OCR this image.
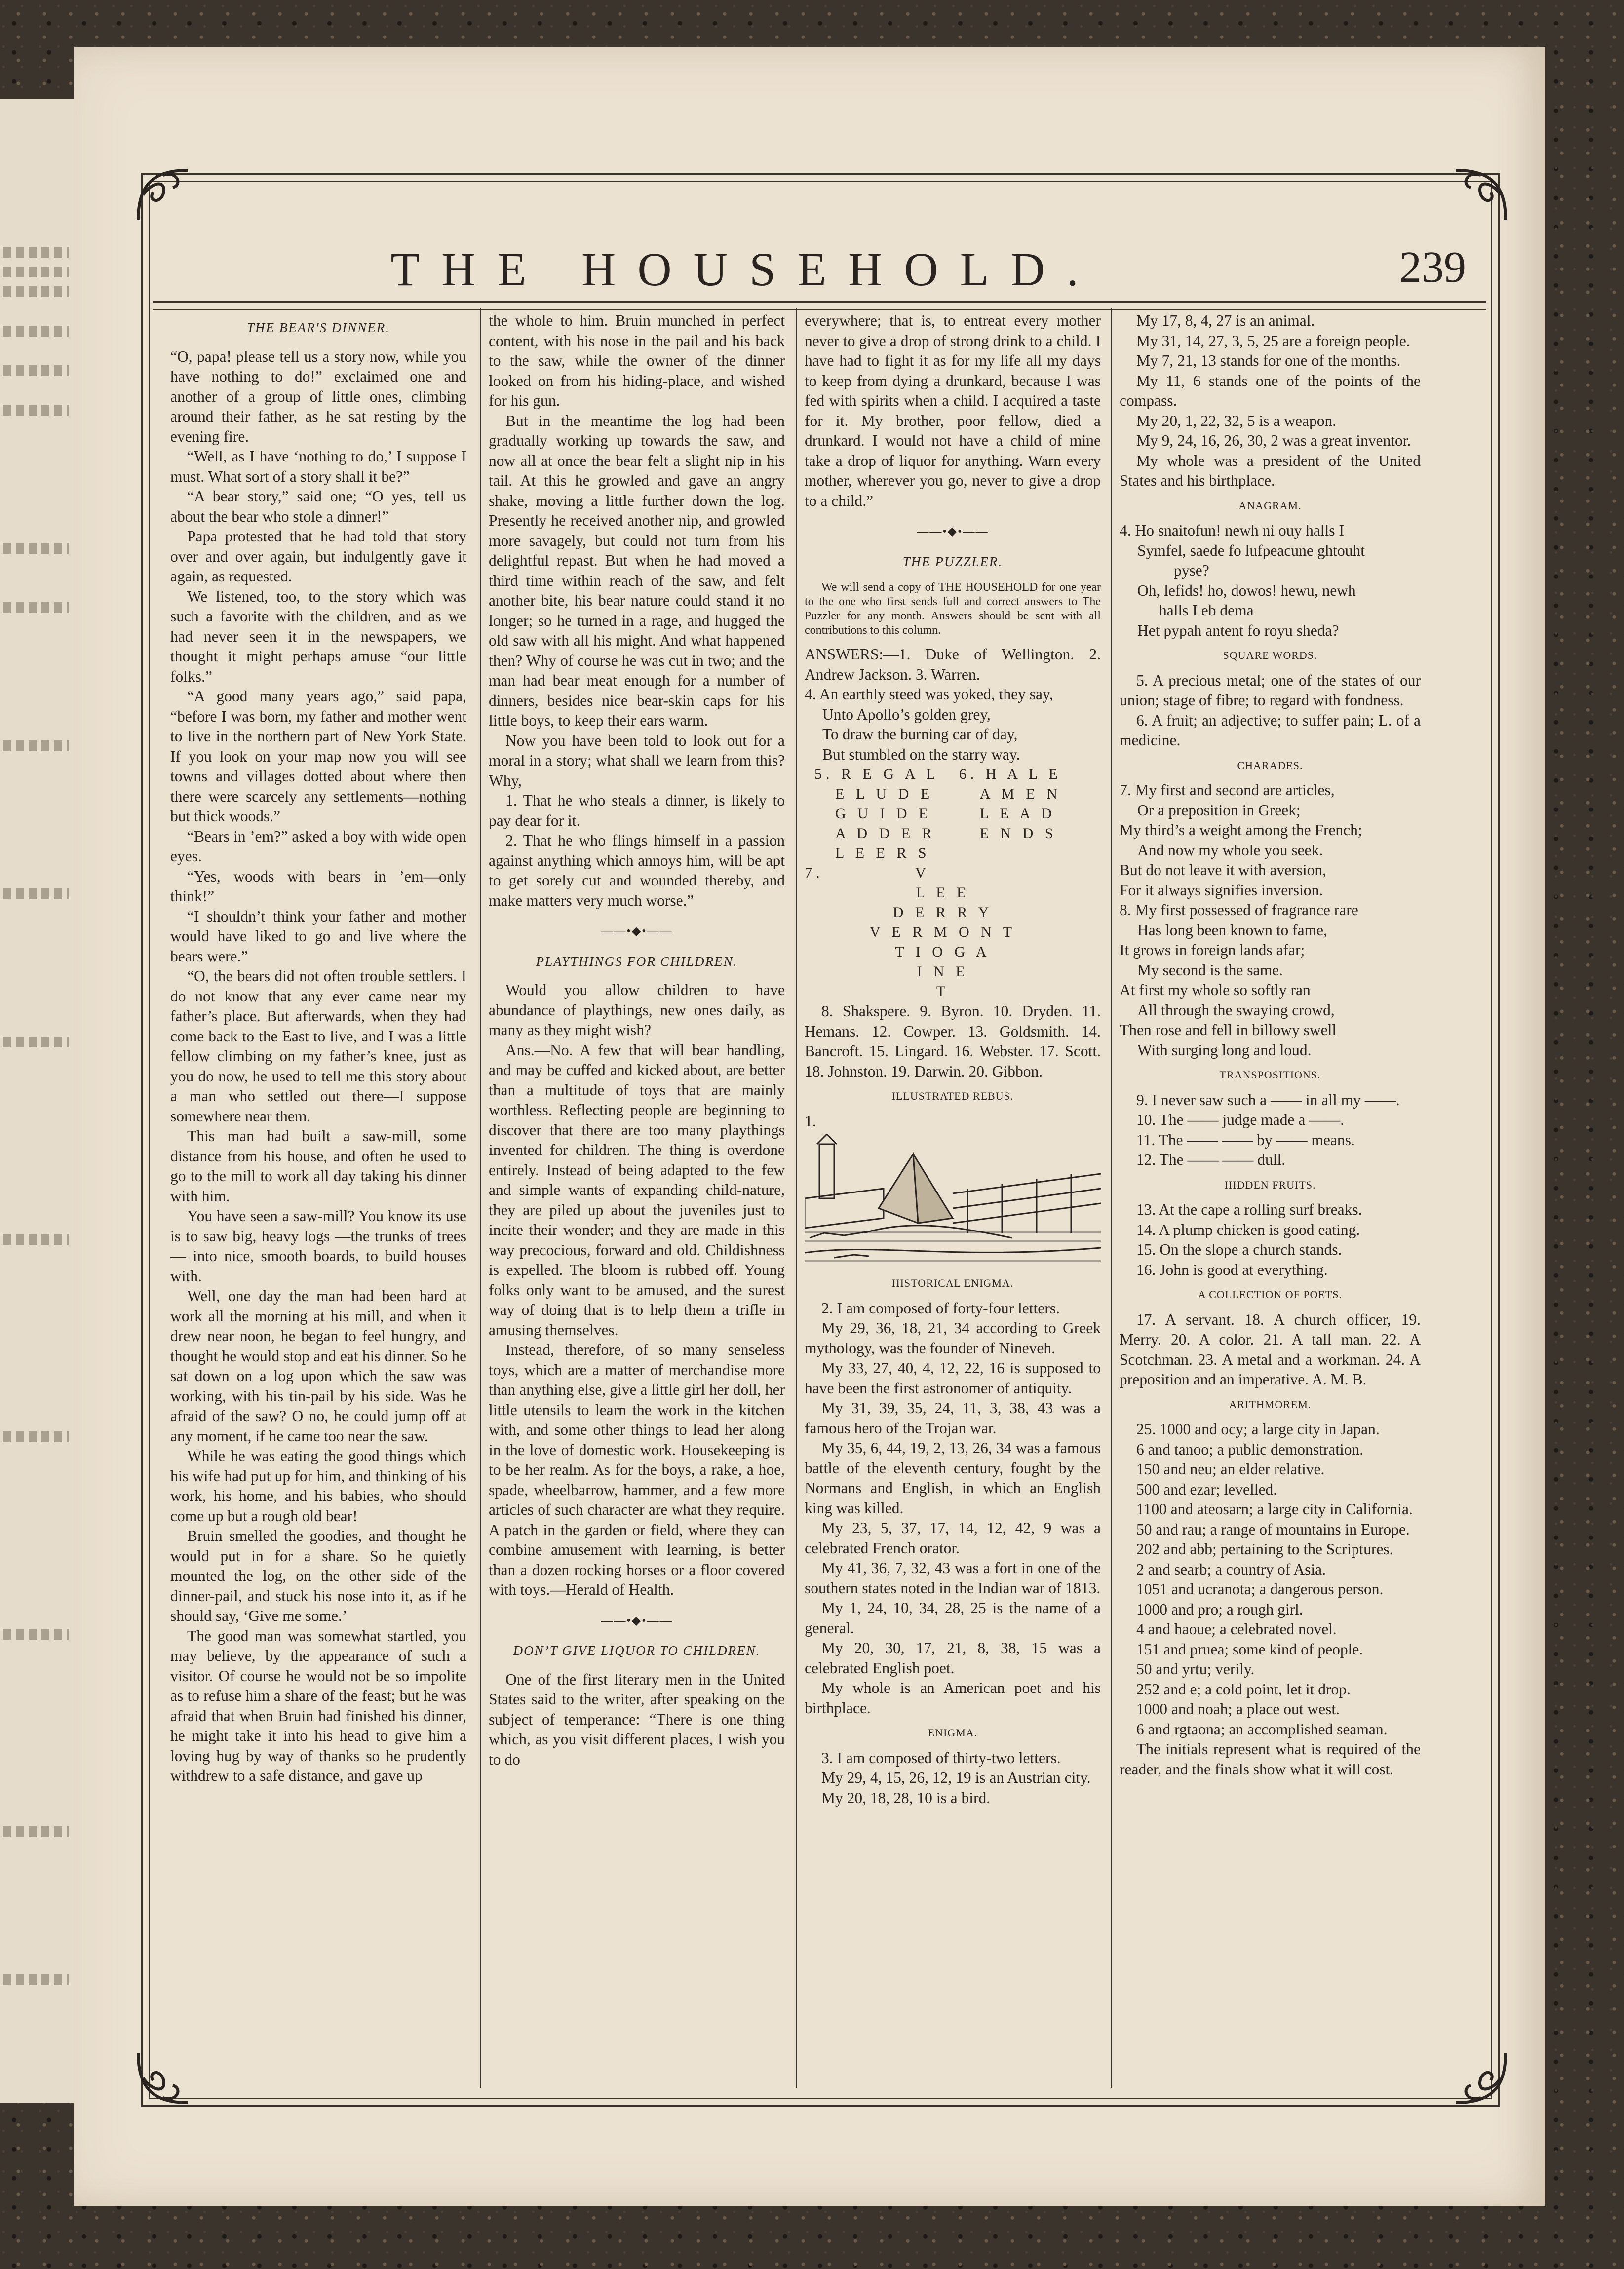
THE HOUSEHOLD.	239
THE BEAR'S DINNER.

“O, papa! please tell us a story now, while you have nothing to do!” exclaimed one and another of a group of little ones, climbing around their father, as he sat resting by the evening fire.

“Well, as I have ‘nothing to do,’ I suppose I must. What sort of a story shall it be?”

“A bear story,” said one; “O yes, tell us about the bear who stole a dinner!”

Papa protested that he had told that story over and over again, but indulgently gave it again, as requested.

We listened, too, to the story which was such a favorite with the children, and as we had never seen it in the newspapers, we thought it might perhaps amuse “our little folks.”

“A good many years ago,” said papa, “before I was born, my father and mother went to live in the northern part of New York State. If you look on your map now you will see towns and villages dotted about where then there were scarcely any settlements—nothing but thick woods.”

“Bears in ’em?” asked a boy with wide open eyes.

“Yes, woods with bears in ’em—only think!”

“I shouldn’t think your father and mother would have liked to go and live where the bears were.”

“O, the bears did not often trouble settlers. I do not know that any ever came near my father’s place. But afterwards, when they had come back to the East to live, and I was a little fellow climbing on my father’s knee, just as you do now, he used to tell me this story about a man who settled out there—I suppose somewhere near them.

This man had built a saw-mill, some distance from his house, and often he used to go to the mill to work all day taking his dinner with him.

You have seen a saw-mill? You know its use is to saw big, heavy logs —the trunks of trees — into nice, smooth boards, to build houses with.

Well, one day the man had been hard at work all the morning at his mill, and when it drew near noon, he began to feel hungry, and thought he would stop and eat his dinner. So he sat down on a log upon which the saw was working, with his tin-pail by his side. Was he afraid of the saw? O no, he could jump off at any moment, if he came too near the saw.

While he was eating the good things which his wife had put up for him, and thinking of his work, his home, and his babies, who should come up but a rough old bear!

Bruin smelled the goodies, and thought he would put in for a share. So he quietly mounted the log, on the other side of the dinner-pail, and stuck his nose into it, as if he should say, ‘Give me some.’

The good man was somewhat startled, you may believe, by the appearance of such a visitor. Of course he would not be so impolite as to refuse him a share of the feast; but he was afraid that when Bruin had finished his dinner, he might take it into his head to give him a loving hug by way of thanks so he prudently withdrew to a safe distance, and gave up

the whole to him. Bruin munched in perfect content, with his nose in the pail and his back to the saw, while the owner of the dinner looked on from his hiding-place, and wished for his gun.

But in the meantime the log had been gradually working up towards the saw, and now all at once the bear felt a slight nip in his tail. At this he growled and gave an angry shake, moving a little further down the log. Presently he received another nip, and growled more savagely, but could not turn from his delightful repast. But when he had moved a third time within reach of the saw, and felt another bite, his bear nature could stand it no longer; so he turned in a rage, and hugged the old saw with all his might. And what happened then? Why of course he was cut in two; and the man had bear meat enough for a number of dinners, besides nice bear-skin caps for his little boys, to keep their ears warm.

Now you have been told to look out for a moral in a story; what shall we learn from this? Why,

1. That he who steals a dinner, is likely to pay dear for it.

2. That he who flings himself in a passion against anything which annoys him, will be apt to get sorely cut and wounded thereby, and make matters very much worse.”

——•◆•——
PLAYTHINGS FOR CHILDREN.

Would you allow children to have abundance of playthings, new ones daily, as many as they might wish?

Ans.—No. A few that will bear handling, and may be cuffed and kicked about, are better than a multitude of toys that are mainly worthless. Reflecting people are beginning to discover that there are too many playthings invented for children. The thing is overdone entirely. Instead of being adapted to the few and simple wants of expanding child-nature, they are piled up about the juveniles just to incite their wonder; and they are made in this way precocious, forward and old. Childishness is expelled. The bloom is rubbed off. Young folks only want to be amused, and the surest way of doing that is to help them a trifle in amusing themselves.

Instead, therefore, of so many senseless toys, which are a matter of merchandise more than anything else, give a little girl her doll, her little utensils to learn the work in the kitchen with, and some other things to lead her along in the love of domestic work. Housekeeping is to be her realm. As for the boys, a rake, a hoe, spade, wheelbarrow, hammer, and a few more articles of such character are what they require. A patch in the garden or field, where they can combine amusement with learning, is better than a dozen rocking horses or a floor covered with toys.—Herald of Health.

——•◆•——
DON’T GIVE LIQUOR TO CHILDREN.

One of the first literary men in the United States said to the writer, after speaking on the subject of temperance: “There is one thing which, as you visit different places, I wish you to do

everywhere; that is, to entreat every mother never to give a drop of strong drink to a child. I have had to fight it as for my life all my days to keep from dying a drunkard, because I was fed with spirits when a child. I acquired a taste for it. My brother, poor fellow, died a drunkard. I would not have a child of mine take a drop of liquor for anything. Warn every mother, wherever you go, never to give a drop to a child.”

——•◆•——
THE PUZZLER.

We will send a copy of THE HOUSEHOLD for one year to the one who first sends full and correct answers to The Puzzler for any month. Answers should be sent with all contributions to this column.

ANSWERS:—1. Duke of Wellington. 2. Andrew Jackson. 3. Warren.

4. An earthly steed was yoked, they say,

Unto Apollo’s golden grey,

To draw the burning car of day,

But stumbled on the starry way.

5. R E G A L
E L U D E
G U I D E
A D D E R
L E E R S
6. H A L E
A M E N
L E A D
E N D S
7.            V
L E E
D E R R Y
V E R M O N T
T I O G A
I N E
T

8. Shakspere. 9. Byron. 10. Dryden. 11. Hemans. 12. Cowper. 13. Goldsmith. 14. Bancroft. 15. Lingard. 16. Webster. 17. Scott. 18. Johnston. 19. Darwin. 20. Gibbon.

ILLUSTRATED REBUS.

1.

HISTORICAL ENIGMA.

2. I am composed of forty-four letters.

My 29, 36, 18, 21, 34 according to Greek mythology, was the founder of Nineveh.

My 33, 27, 40, 4, 12, 22, 16 is supposed to have been the first astronomer of antiquity.

My 31, 39, 35, 24, 11, 3, 38, 43 was a famous hero of the Trojan war.

My 35, 6, 44, 19, 2, 13, 26, 34 was a famous battle of the eleventh century, fought by the Normans and English, in which an English king was killed.

My 23, 5, 37, 17, 14, 12, 42, 9 was a celebrated French orator.

My 41, 36, 7, 32, 43 was a fort in one of the southern states noted in the Indian war of 1813.

My 1, 24, 10, 34, 28, 25 is the name of a general.

My 20, 30, 17, 21, 8, 38, 15 was a celebrated English poet.

My whole is an American poet and his birthplace.

ENIGMA.

3. I am composed of thirty-two letters.

My 29, 4, 15, 26, 12, 19 is an Austrian city.

My 20, 18, 28, 10 is a bird.

My 17, 8, 4, 27 is an animal.

My 31, 14, 27, 3, 5, 25 are a foreign people.

My 7, 21, 13 stands for one of the months.

My 11, 6 stands one of the points of the compass.

My 20, 1, 22, 32, 5 is a weapon.

My 9, 24, 16, 26, 30, 2 was a great inventor.

My whole was a president of the United States and his birthplace.

ANAGRAM.

4. Ho snaitofun! newh ni ouy halls I

Symfel, saede fo lufpeacune ghtouht

pyse?

Oh, lefids! ho, dowos! hewu, newh

halls I eb dema

Het pypah antent fo royu sheda?

SQUARE WORDS.

5. A precious metal; one of the states of our union; stage of fibre; to regard with fondness.

6. A fruit; an adjective; to suffer pain; L. of a medicine.

CHARADES.

7. My first and second are articles,

Or a preposition in Greek;

My third’s a weight among the French;

And now my whole you seek.

But do not leave it with aversion,

For it always signifies inversion.

8. My first possessed of fragrance rare

Has long been known to fame,

It grows in foreign lands afar;

My second is the same.

At first my whole so softly ran

All through the swaying crowd,

Then rose and fell in billowy swell

With surging long and loud.

TRANSPOSITIONS.

9. I never saw such a —— in all my ——.

10. The —— judge made a ——.

11. The —— —— by —— means.

12. The —— —— dull.

HIDDEN FRUITS.

13. At the cape a rolling surf breaks.

14. A plump chicken is good eating.

15. On the slope a church stands.

16. John is good at everything.

A COLLECTION OF POETS.

17. A servant. 18. A church officer, 19. Merry. 20. A color. 21. A tall man. 22. A Scotchman. 23. A metal and a workman. 24. A preposition and an imperative. A. M. B.

ARITHMOREM.

25. 1000 and ocy; a large city in Japan.

6 and tanoo; a public demonstration.

150 and neu; an elder relative.

500 and ezar; levelled.

1100 and ateosarn; a large city in California.

50 and rau; a range of mountains in Europe.

202 and abb; pertaining to the Scriptures.

2 and searb; a country of Asia.

1051 and ucranota; a dangerous person.

1000 and pro; a rough girl.

4 and haoue; a celebrated novel.

151 and pruea; some kind of people.

50 and yrtu; verily.

252 and e; a cold point, let it drop.

1000 and noah; a place out west.

6 and rgtaona; an accomplished seaman.

The initials represent what is required of the reader, and the finals show what it will cost.
